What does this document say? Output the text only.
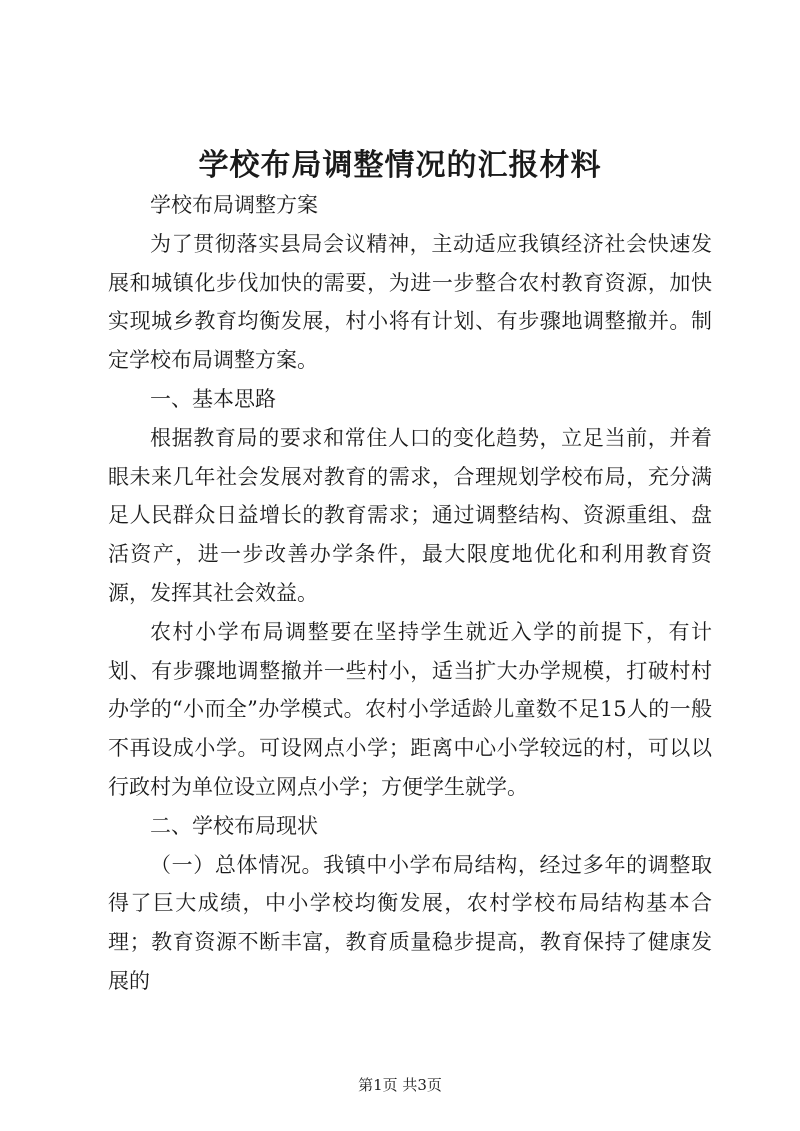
学校布局调整情况的汇报材料

学校布局调整方案

为了贯彻落实县局会议精神，主动适应我镇经济社会快速发展和城镇化步伐加快的需要，为进一步整合农村教育资源，加快实现城乡教育均衡发展，村小将有计划、有步骤地调整撤并。制定学校布局调整方案。

一、基本思路

根据教育局的要求和常住人口的变化趋势，立足当前，并着眼未来几年社会发展对教育的需求，合理规划学校布局，充分满足人民群众日益增长的教育需求；通过调整结构、资源重组、盘活资产，进一步改善办学条件，最大限度地优化和利用教育资源，发挥其社会效益。

农村小学布局调整要在坚持学生就近入学的前提下，有计划、有步骤地调整撤并一些村小，适当扩大办学规模，打破村村办学的“小而全”办学模式。农村小学适龄儿童数不足15人的一般不再设成小学。可设网点小学；距离中心小学较远的村，可以以行政村为单位设立网点小学；方便学生就学。

二、学校布局现状

（一）总体情况。我镇中小学布局结构，经过多年的调整取得了巨大成绩，中小学校均衡发展，农村学校布局结构基本合理；教育资源不断丰富，教育质量稳步提高，教育保持了健康发展的

第1页 共3页
